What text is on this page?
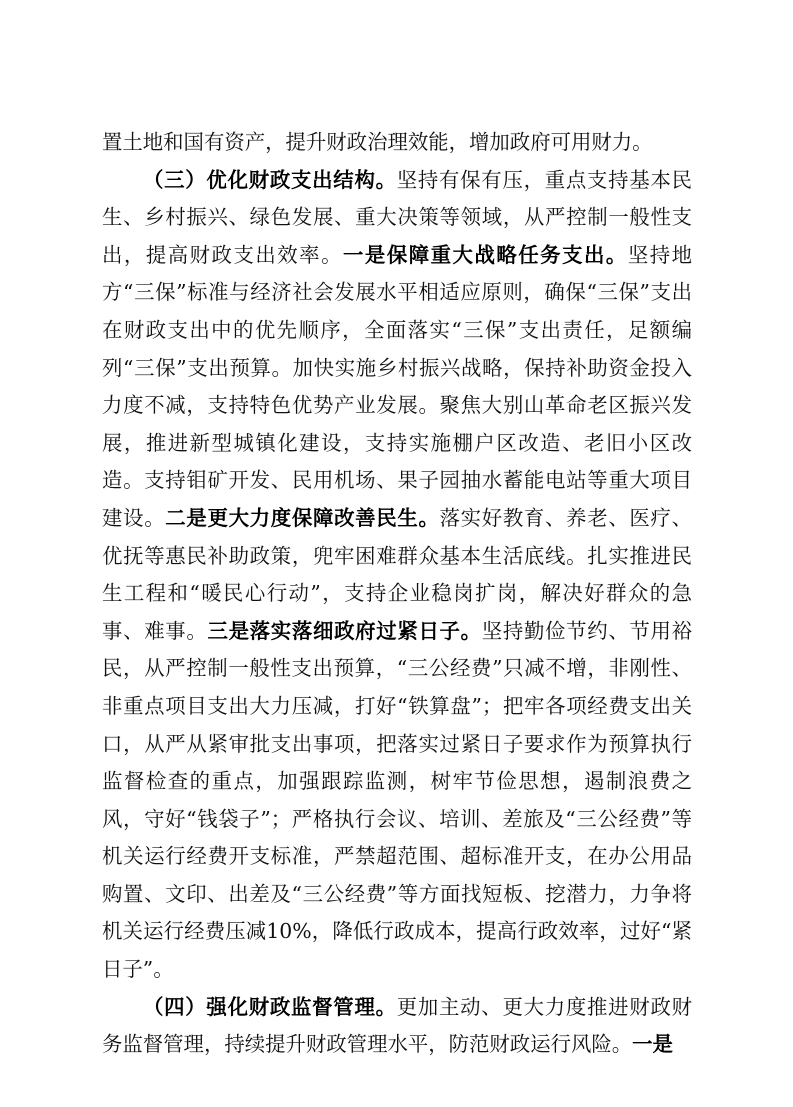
置土地和国有资产，提升财政治理效能，增加政府可用财力。

（三）优化财政支出结构。坚持有保有压，重点支持基本民生、乡村振兴、绿色发展、重大决策等领域，从严控制一般性支出，提高财政支出效率。一是保障重大战略任务支出。坚持地方“三保”标准与经济社会发展水平相适应原则，确保“三保”支出在财政支出中的优先顺序，全面落实“三保”支出责任，足额编列“三保”支出预算。加快实施乡村振兴战略，保持补助资金投入力度不减，支持特色优势产业发展。聚焦大别山革命老区振兴发展，推进新型城镇化建设，支持实施棚户区改造、老旧小区改造。支持钼矿开发、民用机场、果子园抽水蓄能电站等重大项目建设。二是更大力度保障改善民生。落实好教育、养老、医疗、优抚等惠民补助政策，兜牢困难群众基本生活底线。扎实推进民生工程和“暖民心行动”，支持企业稳岗扩岗，解决好群众的急事、难事。三是落实落细政府过紧日子。坚持勤俭节约、节用裕民，从严控制一般性支出预算，“三公经费”只减不增，非刚性、非重点项目支出大力压减，打好“铁算盘”；把牢各项经费支出关口，从严从紧审批支出事项，把落实过紧日子要求作为预算执行监督检查的重点，加强跟踪监测，树牢节俭思想，遏制浪费之风，守好“钱袋子”；严格执行会议、培训、差旅及“三公经费”等机关运行经费开支标准，严禁超范围、超标准开支，在办公用品购置、文印、出差及“三公经费”等方面找短板、挖潜力，力争将机关运行经费压减10%，降低行政成本，提高行政效率，过好“紧日子”。

（四）强化财政监督管理。更加主动、更大力度推进财政财务监督管理，持续提升财政管理水平，防范财政运行风险。一是
